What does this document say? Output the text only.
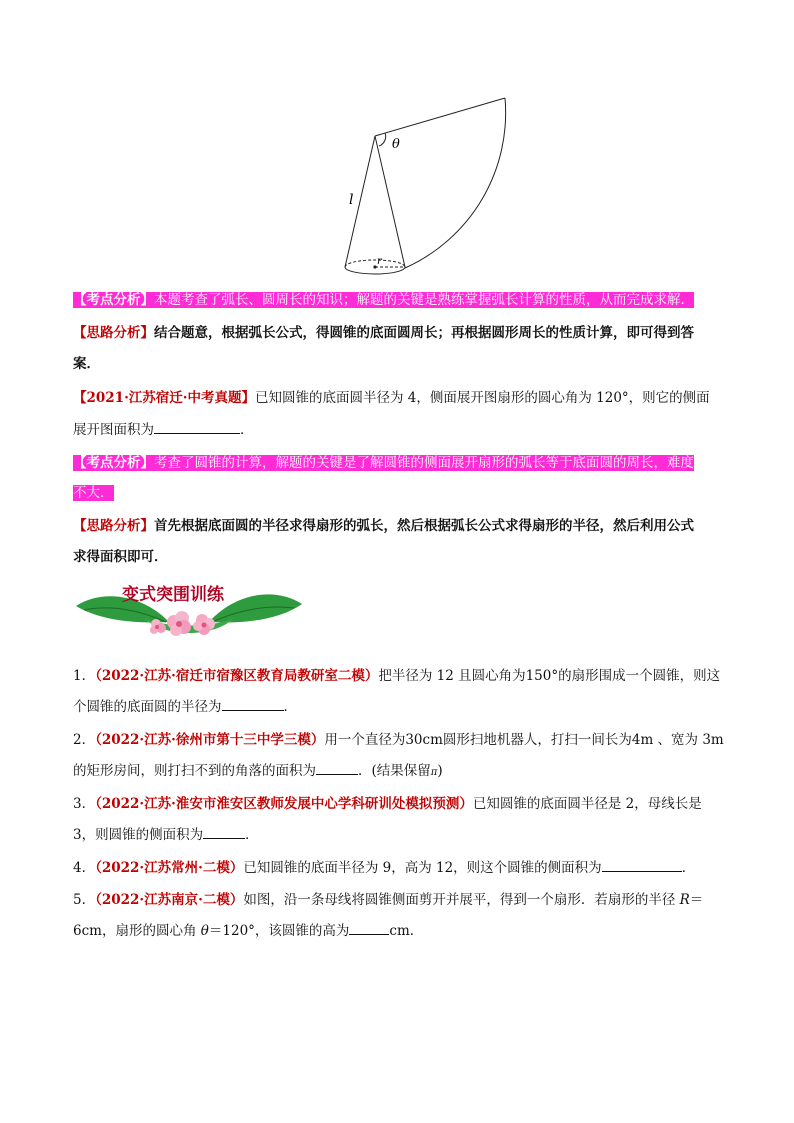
θ
l
r
【考点分析】本题考查了弧长、圆周长的知识；解题的关键是熟练掌握弧长计算的性质，从而完成求解．
【思路分析】结合题意，根据弧长公式，得圆锥的底面圆周长；再根据圆形周长的性质计算，即可得到答
案．
【2021·江苏宿迁·中考真题】已知圆锥的底面圆半径为 4，侧面展开图扇形的圆心角为 120°，则它的侧面
展开图面积为	．
【考点分析】考查了圆锥的计算，解题的关键是了解圆锥的侧面展开扇形的弧长等于底面圆的周长，难度
不大．
【思路分析】首先根据底面圆的半径求得扇形的弧长，然后根据弧长公式求得扇形的半径，然后利用公式
求得面积即可．
变式突围训练
1．（2022·江苏·宿迁市宿豫区教育局教研室二模）把半径为 12 且圆心角为150°的扇形围成一个圆锥，则这
个圆锥的底面圆的半径为	．
2．（2022·江苏·徐州市第十三中学三模）用一个直径为30cm圆形扫地机器人，打扫一间长为4m 、宽为 3m
的矩形房间，则打扫不到的角落的面积为	．(结果保留π)
3．（2022·江苏·淮安市淮安区教师发展中心学科研训处模拟预测）已知圆锥的底面圆半径是 2，母线长是
3，则圆锥的侧面积为	．
4．（2022·江苏常州·二模）已知圆锥的底面半径为 9，高为 12，则这个圆锥的侧面积为	．
5．（2022·江苏南京·二模）如图，沿一条母线将圆锥侧面剪开并展平，得到一个扇形．若扇形的半径 R＝
6cm，扇形的圆心角 θ＝120°，该圆锥的高为	cm．
